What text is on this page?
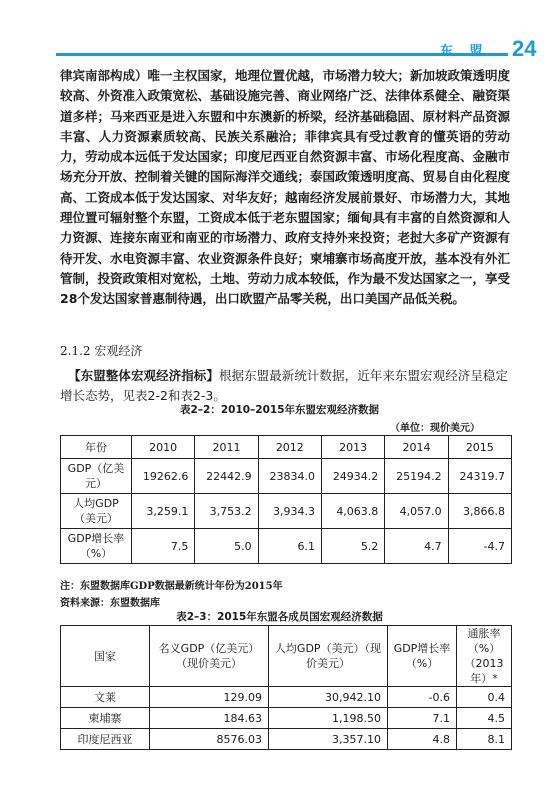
东 盟 24
律宾南部构成）唯一主权国家，地理位置优越，市场潜力较大；新加坡政策透明度较高、外资准入政策宽松、基础设施完善、商业网络广泛、法律体系健全、融资渠道多样；马来西亚是进入东盟和中东澳新的桥梁，经济基础稳固、原材料产品资源丰富、人力资源素质较高、民族关系融洽；菲律宾具有受过教育的懂英语的劳动力，劳动成本远低于发达国家；印度尼西亚自然资源丰富、市场化程度高、金融市场充分开放、控制着关键的国际海洋交通线；泰国政策透明度高、贸易自由化程度高、工资成本低于发达国家、对华友好；越南经济发展前景好、市场潜力大，其地理位置可辐射整个东盟，工资成本低于老东盟国家；缅甸具有丰富的自然资源和人力资源、连接东南亚和南亚的市场潜力、政府支持外来投资；老挝大多矿产资源有待开发、水电资源丰富、农业资源条件良好；柬埔寨市场高度开放，基本没有外汇管制，投资政策相对宽松，土地、劳动力成本较低，作为最不发达国家之一，享受28个发达国家普惠制待遇，出口欧盟产品零关税，出口美国产品低关税。
2.1.2 宏观经济
【东盟整体宏观经济指标】根据东盟最新统计数据，近年来东盟宏观经济呈稳定增长态势，见表2-2和表2-3。
表2–2：2010–2015年东盟宏观经济数据
（单位：现价美元）
年份	2010	2011	2012	2013	2014	2015
GDP（亿美元）	19262.6	22442.9	23834.0	24934.2	25194.2	24319.7
人均GDP（美元）	3,259.1	3,753.2	3,934.3	4,063.8	4,057.0	3,866.8
GDP增长率（%）	7.5	5.0	6.1	5.2	4.7	-4.7
注：东盟数据库GDP数据最新统计年份为2015年
资料来源：东盟数据库
表2–3：2015年东盟各成员国宏观经济数据
国家	名义GDP（亿美元）（现价美元）	人均GDP（美元）（现价美元）	GDP增长率（%）	通胀率（%）（2013年）*
文莱	129.09	30,942.10	-0.6	0.4
柬埔寨	184.63	1,198.50	7.1	4.5
印度尼西亚	8576.03	3,357.10	4.8	8.1
